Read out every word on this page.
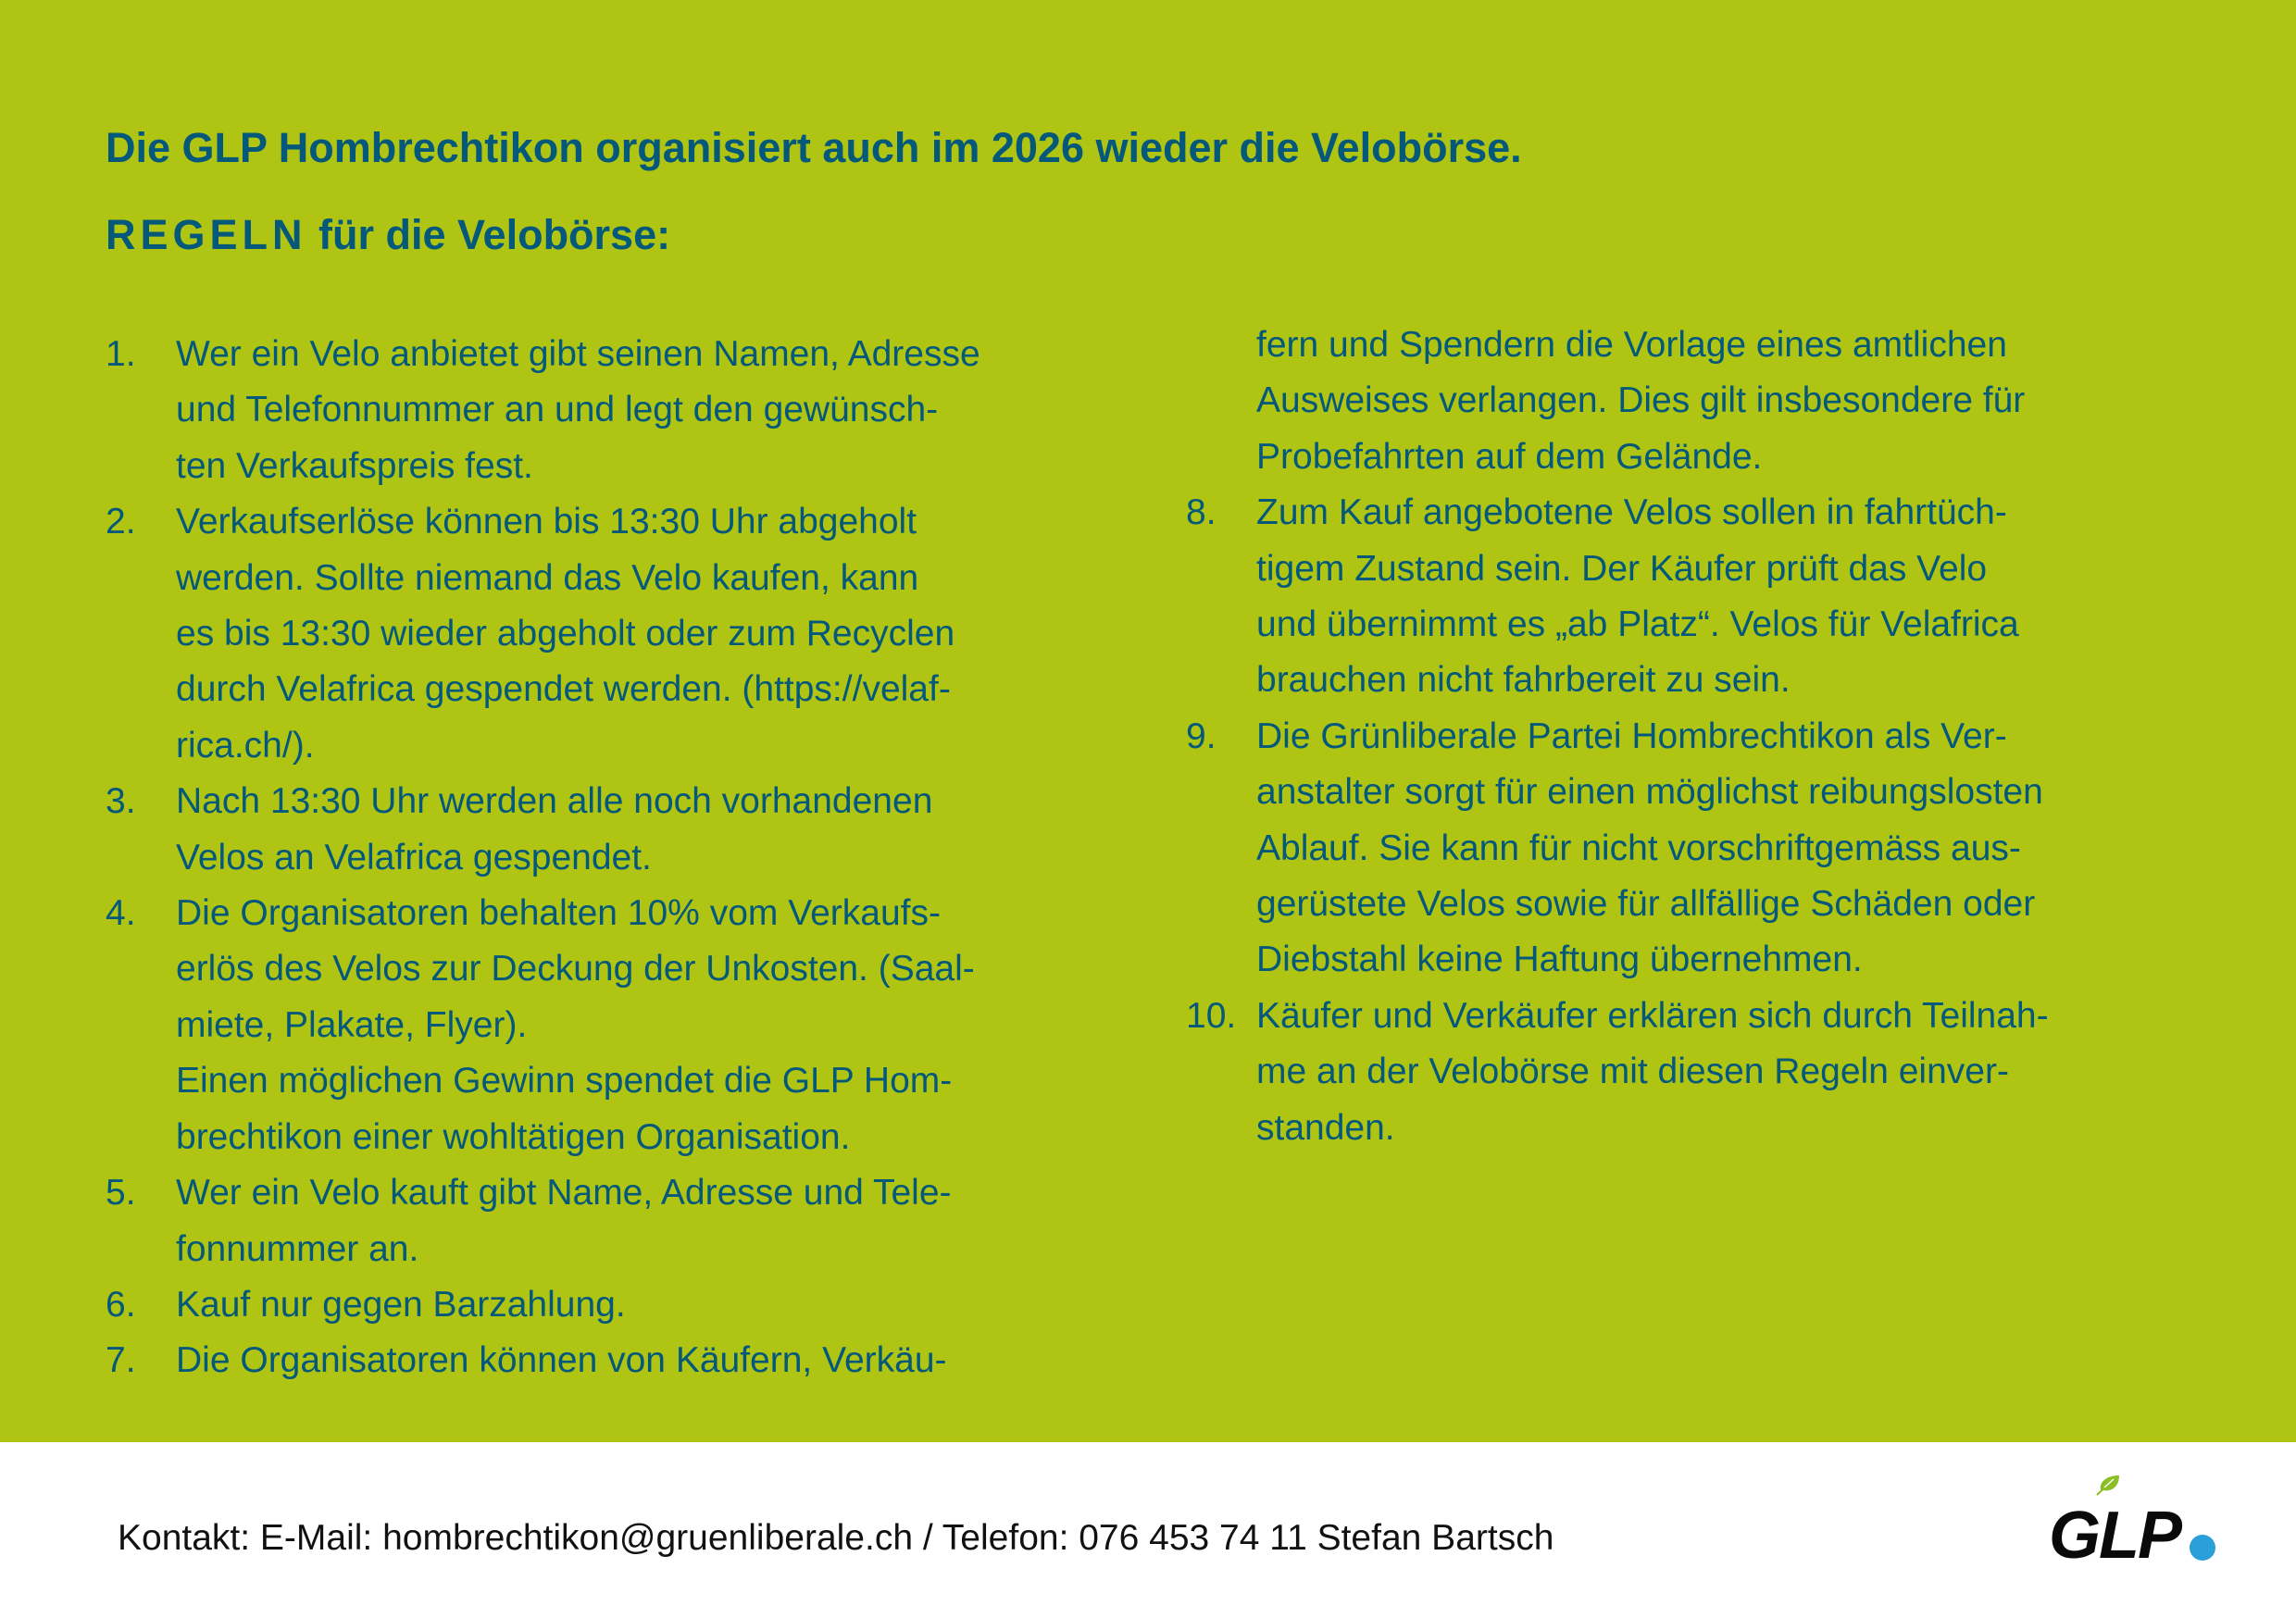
Die GLP Hombrechtikon organisiert auch im 2026 wieder die Velobörse.
REGELN für die Velobörse:
1. Wer ein Velo anbietet gibt seinen Namen, Adresse
und Telefonnummer an und legt den gewünsch-
ten Verkaufspreis fest.
2. Verkaufserlöse können bis 13:30 Uhr abgeholt
werden. Sollte niemand das Velo kaufen, kann
es bis 13:30 wieder abgeholt oder zum Recyclen
durch Velafrica gespendet werden. (https://velaf-
rica.ch/).
3. Nach 13:30 Uhr werden alle noch vorhandenen
Velos an Velafrica gespendet.
4. Die Organisatoren behalten 10% vom Verkaufs-
erlös des Velos zur Deckung der Unkosten. (Saal-
miete, Plakate, Flyer).
Einen möglichen Gewinn spendet die GLP Hom-
brechtikon einer wohltätigen Organisation.
5. Wer ein Velo kauft gibt Name, Adresse und Tele-
fonnummer an.
6. Kauf nur gegen Barzahlung.
7. Die Organisatoren können von Käufern, Verkäu-
fern und Spendern die Vorlage eines amtlichen
Ausweises verlangen. Dies gilt insbesondere für
Probefahrten auf dem Gelände.
8. Zum Kauf angebotene Velos sollen in fahrtüch-
tigem Zustand sein. Der Käufer prüft das Velo
und übernimmt es „ab Platz“. Velos für Velafrica
brauchen nicht fahrbereit zu sein.
9. Die Grünliberale Partei Hombrechtikon als Ver-
anstalter sorgt für einen möglichst reibungslosten
Ablauf. Sie kann für nicht vorschriftgemäss aus-
gerüstete Velos sowie für allfällige Schäden oder
Diebstahl keine Haftung übernehmen.
10. Käufer und Verkäufer erklären sich durch Teilnah-
me an der Velobörse mit diesen Regeln einver-
standen.
Kontakt: E-Mail: hombrechtikon@gruenliberale.ch / Telefon: 076 453 74 11 Stefan Bartsch	GLP
